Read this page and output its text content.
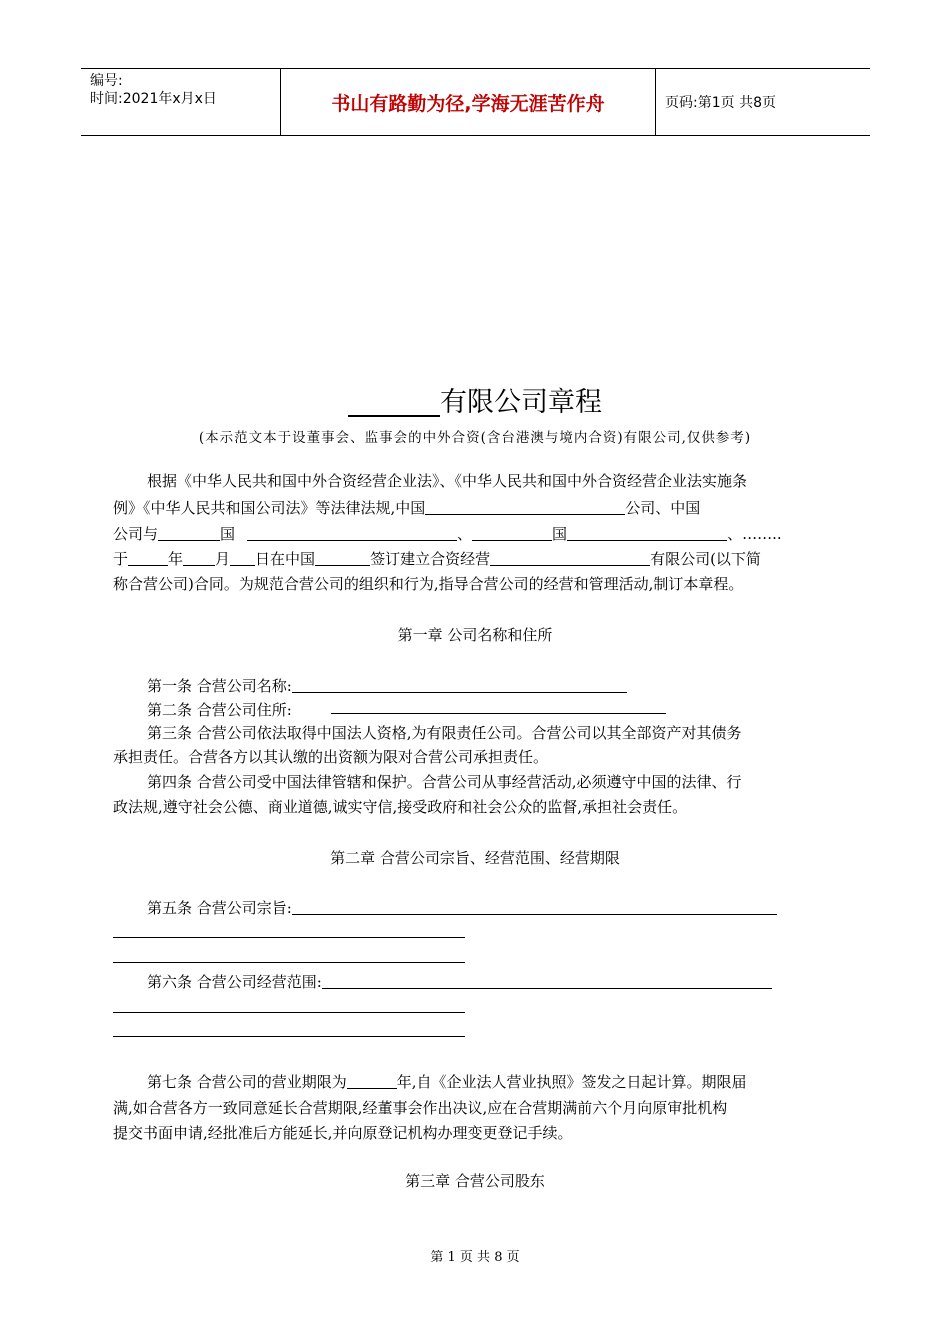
编号:
时间:2021年x月x日	书山有路勤为径,学海无涯苦作舟	页码:第1页 共8页
有限公司章程
(本示范文本于设董事会、监事会的中外合资(含台港澳与境内合资)有限公司,仅供参考)
根据《中华人民共和国中外合资经营企业法》、《中华人民共和国中外合资经营企业法实施条
例》《中华人民共和国公司法》等法律法规,中国	公司、中国
公司与	国	、	国	、……..
于	年 月 日在中国	签订建立合资经营	有限公司(以下简
称合营公司)合同。为规范合营公司的组织和行为,指导合营公司的经营和管理活动,制订本章程。
第一章 公司名称和住所
第一条 合营公司名称:
第二条 合营公司住所:
第三条 合营公司依法取得中国法人资格,为有限责任公司。合营公司以其全部资产对其债务
承担责任。合营各方以其认缴的出资额为限对合营公司承担责任。
第四条 合营公司受中国法律管辖和保护。合营公司从事经营活动,必须遵守中国的法律、行
政法规,遵守社会公德、商业道德,诚实守信,接受政府和社会公众的监督,承担社会责任。
第二章 合营公司宗旨、经营范围、经营期限
第五条 合营公司宗旨:
第六条 合营公司经营范围:
第七条 合营公司的营业期限为	年,自《企业法人营业执照》签发之日起计算。期限届
满,如合营各方一致同意延长合营期限,经董事会作出决议,应在合营期满前六个月向原审批机构
提交书面申请,经批准后方能延长,并向原登记机构办理变更登记手续。
第三章 合营公司股东
第 1 页 共 8 页
